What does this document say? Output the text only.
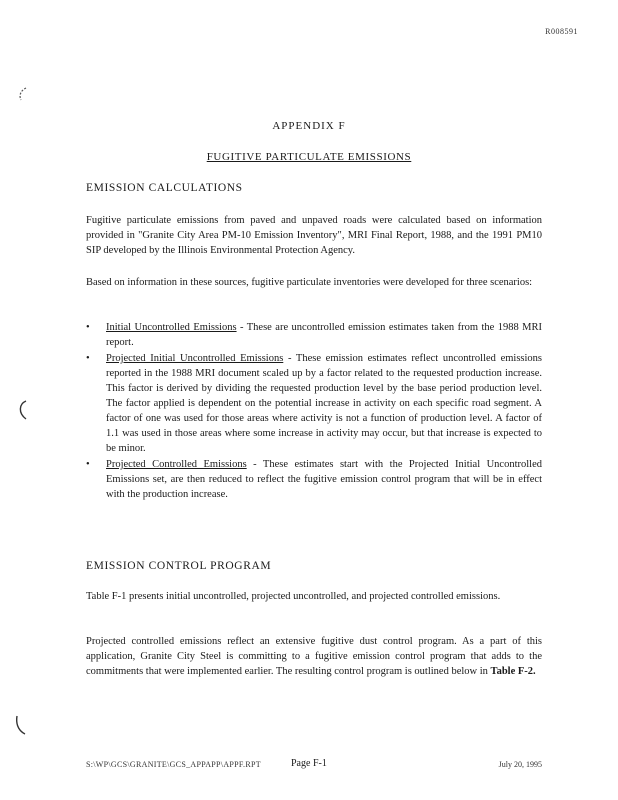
R008591
APPENDIX F
FUGITIVE PARTICULATE EMISSIONS
EMISSION CALCULATIONS

Fugitive particulate emissions from paved and unpaved roads were calculated based on information provided in "Granite City Area PM-10 Emission Inventory", MRI Final Report, 1988, and the 1991 PM10 SIP developed by the Illinois Environmental Protection Agency.

Based on information in these sources, fugitive particulate inventories were developed for three scenarios:

• Initial Uncontrolled Emissions - These are uncontrolled emission estimates taken from the 1988 MRI report.
• Projected Initial Uncontrolled Emissions - These emission estimates reflect uncontrolled emissions reported in the 1988 MRI document scaled up by a factor related to the requested production increase. This factor is derived by dividing the requested production level by the base period production level. The factor applied is dependent on the potential increase in activity on each specific road segment. A factor of one was used for those areas where activity is not a function of production level. A factor of 1.1 was used in those areas where some increase in activity may occur, but that increase is expected to be minor.
• Projected Controlled Emissions - These estimates start with the Projected Initial Uncontrolled Emissions set, are then reduced to reflect the fugitive emission control program that will be in effect with the production increase.
EMISSION CONTROL PROGRAM

Table F-1 presents initial uncontrolled, projected uncontrolled, and projected controlled emissions.

Projected controlled emissions reflect an extensive fugitive dust control program. As a part of this application, Granite City Steel is committing to a fugitive emission control program that adds to the commitments that were implemented earlier. The resulting control program is outlined below in Table F-2.

S:\WP\GCS\GRANITE\GCS_APPAPP\APPF.RPT	Page F-1	July 20, 1995
